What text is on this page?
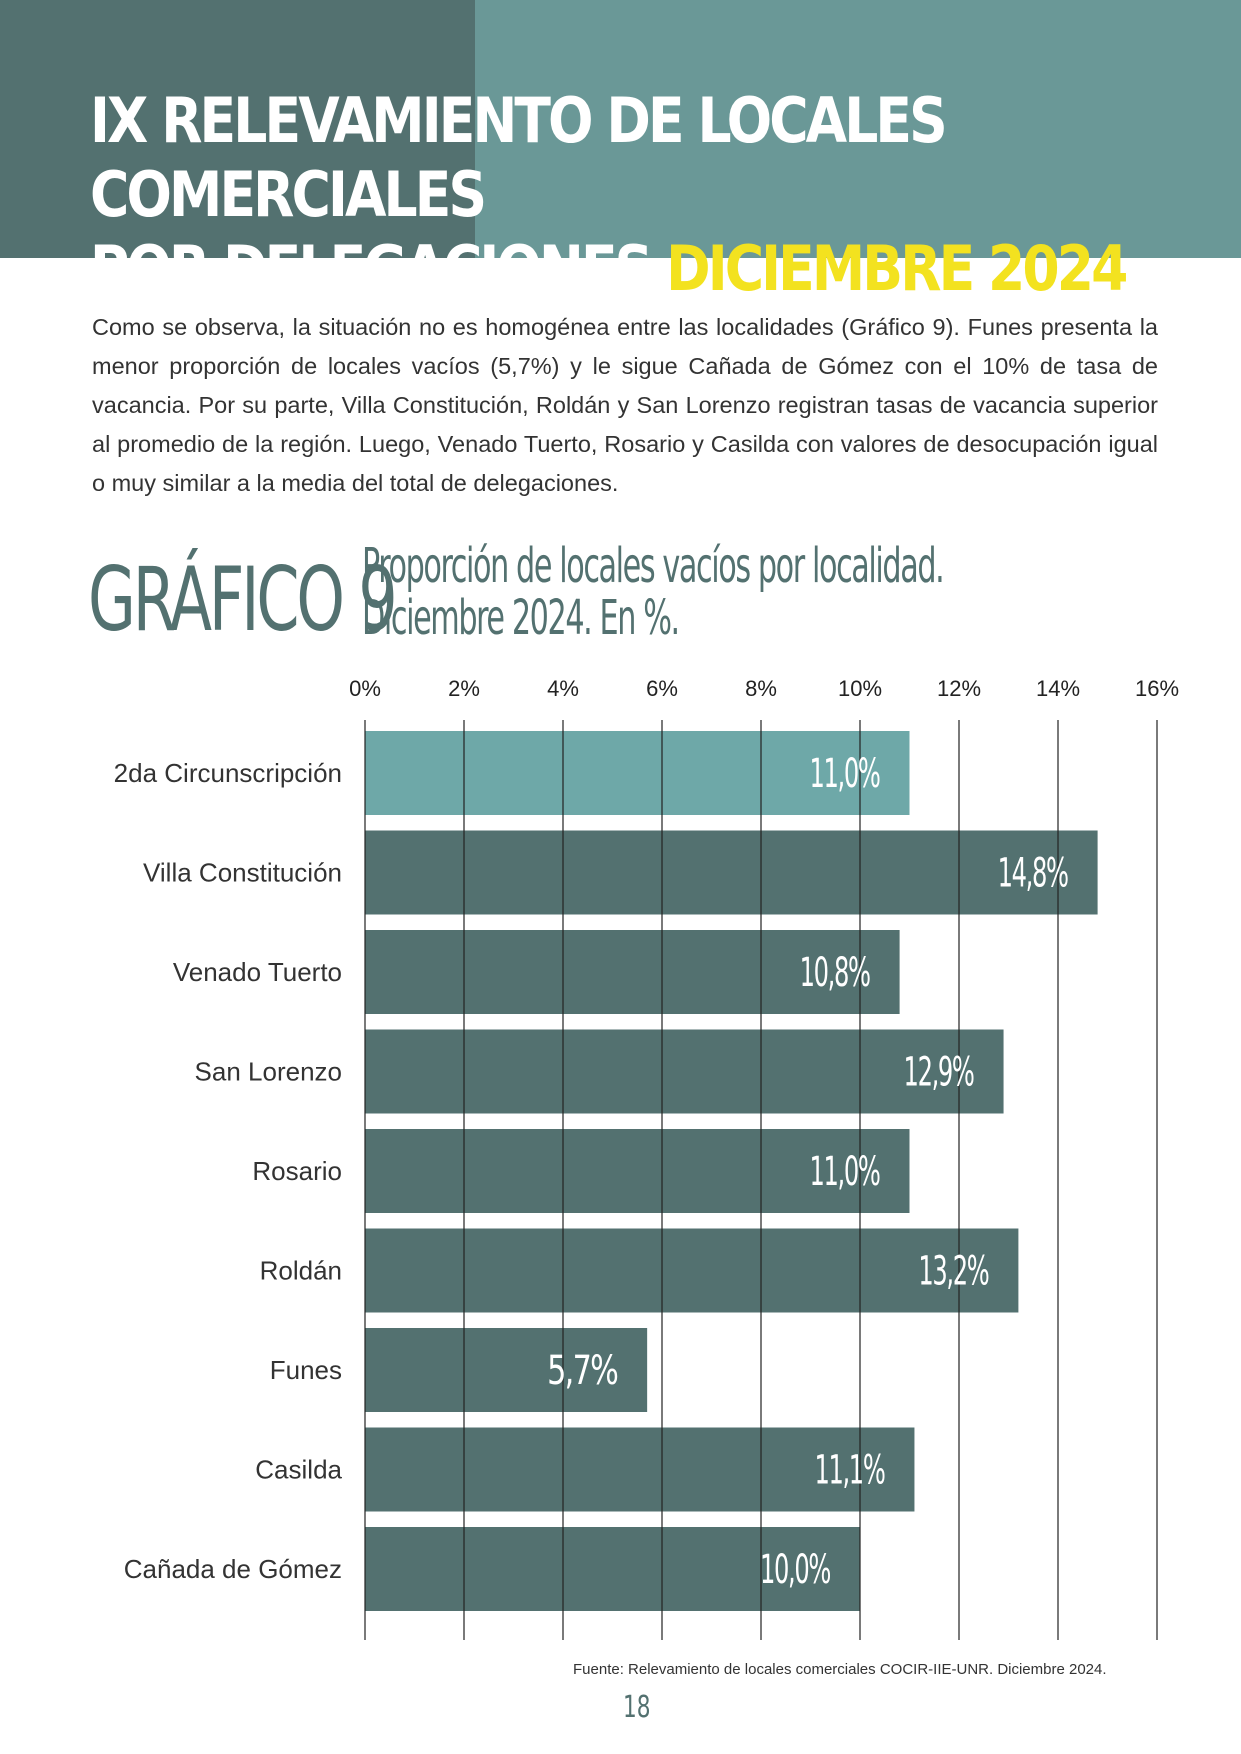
IX RELEVAMIENTO DE LOCALES COMERCIALES
POR DELEGACIONES DICIEMBRE 2024

Como se observa, la situación no es homogénea entre las localidades (Gráfico 9). Funes presenta la menor proporción de locales vacíos (5,7%) y le sigue Cañada de Gómez con el 10% de tasa de vacancia. Por su parte, Villa Constitución, Roldán y San Lorenzo registran tasas de vacancia superior al promedio de la región. Luego, Venado Tuerto, Rosario y Casilda con valores de desocupación igual o muy similar a la media del total de delegaciones.

GRÁFICO 9
Proporción de locales vacíos por localidad.
Diciembre 2024. En %.
0%	2%	4%	6%	8%	10% 12% 14% 16%
2da Circunscripción	11,0%
Villa Constitución	14,8%
Venado Tuerto	10,8%
San Lorenzo	12,9%
Rosario	11,0%
Roldán	13,2%
Funes	5,7%
Casilda	11,1%
Cañada de Gómez	10,0%
Fuente: Relevamiento de locales comerciales COCIR-IIE-UNR. Diciembre 2024.
18
